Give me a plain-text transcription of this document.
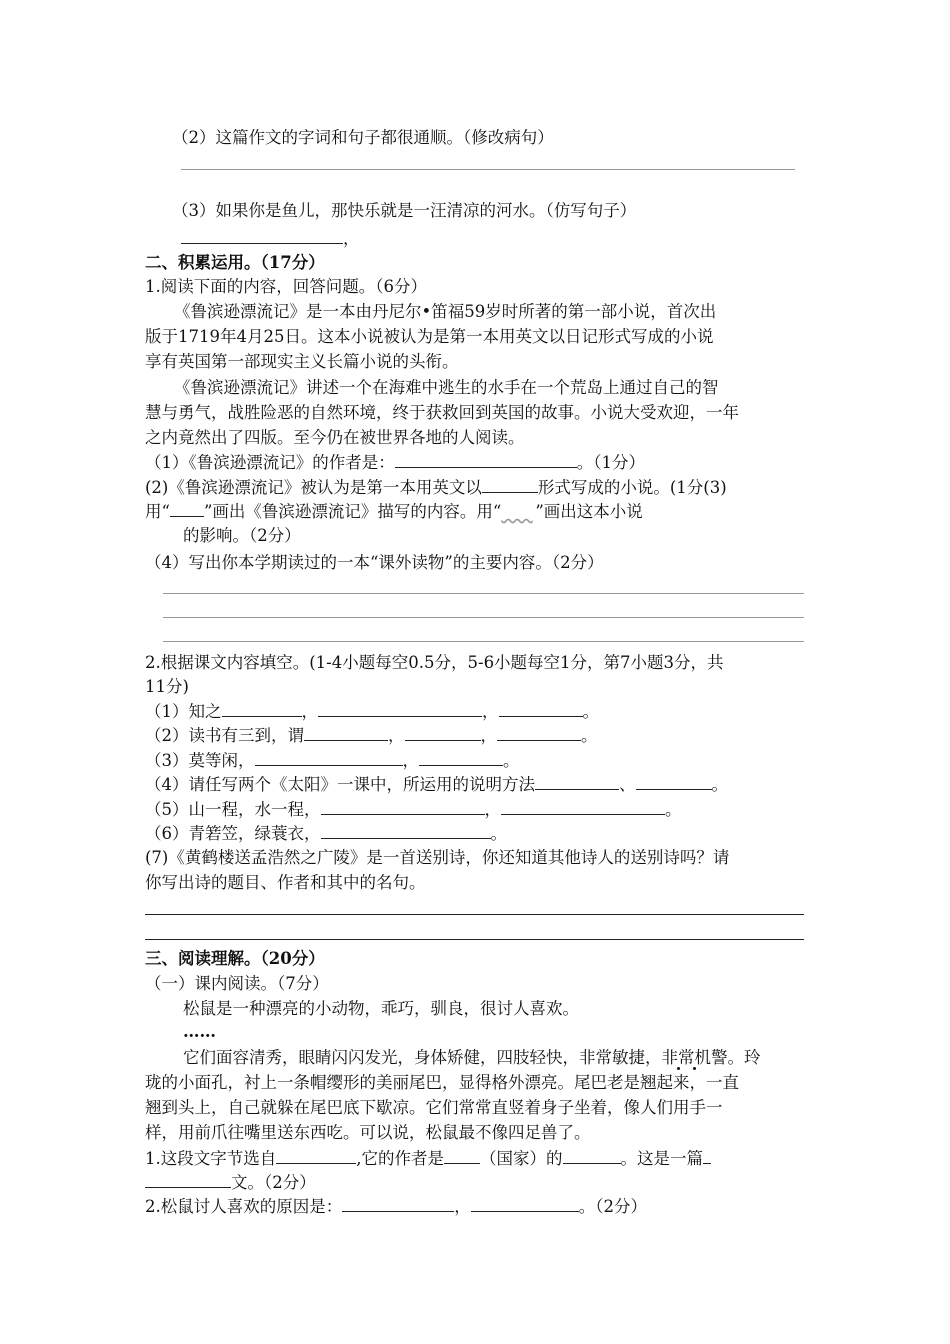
（2）这篇作文的字词和句子都很通顺。（修改病句）
（3）如果你是鱼儿，那快乐就是一汪清凉的河水。（仿写句子）
，
二、积累运用。（17分）
1.阅读下面的内容，回答问题。（6分）
《鲁滨逊漂流记》是一本由丹尼尔•笛福59岁时所著的第一部小说，首次出
版于1719年4月25日。这本小说被认为是第一本用英文以日记形式写成的小说
享有英国第一部现实主义长篇小说的头衔。
《鲁滨逊漂流记》讲述一个在海难中逃生的水手在一个荒岛上通过自己的智
慧与勇气，战胜险恶的自然环境，终于获救回到英国的故事。小说大受欢迎，一年
之内竟然出了四版。至今仍在被世界各地的人阅读。
（1）《鲁滨逊漂流记》的作者是：	。（1分）
(2)《鲁滨逊漂流记》被认为是第一本用英文以	形式写成的小说。(1分(3)
用“ ”画出《鲁滨逊漂流记》描写的内容。用“ ”画出这本小说
的影响。（2分）
（4）写出你本学期读过的一本“课外读物”的主要内容。（2分）
2.根据课文内容填空。(1-4小题每空0.5分，5-6小题每空1分，第7小题3分，共
11分)
（1）知之	，	，	。
（2）读书有三到，谓	，	，	。
（3）莫等闲，	，	。
（4）请任写两个《太阳》一课中，所运用的说明方法	、	。
（5）山一程，水一程，	，	。
（6）青箬笠，绿蓑衣，	。
(7)《黄鹤楼送孟浩然之广陵》是一首送别诗，你还知道其他诗人的送别诗吗？请
你写出诗的题目、作者和其中的名句。
三、阅读理解。（20分）
（一）课内阅读。（7分）
松鼠是一种漂亮的小动物，乖巧，驯良，很讨人喜欢。
……
它们面容清秀，眼睛闪闪发光，身体矫健，四肢轻快，非常敏捷，非常机警。玲
珑的小面孔，衬上一条帽缨形的美丽尾巴，显得格外漂亮。尾巴老是翘起来，一直
翘到头上，自己就躲在尾巴底下歇凉。它们常常直竖着身子坐着，像人们用手一
样，用前爪往嘴里送东西吃。可以说，松鼠最不像四足兽了。
1.这段文字节选自	,它的作者是 （国家）的	。这是一篇
文。（2分）
2.松鼠讨人喜欢的原因是：	，	。（2分）
